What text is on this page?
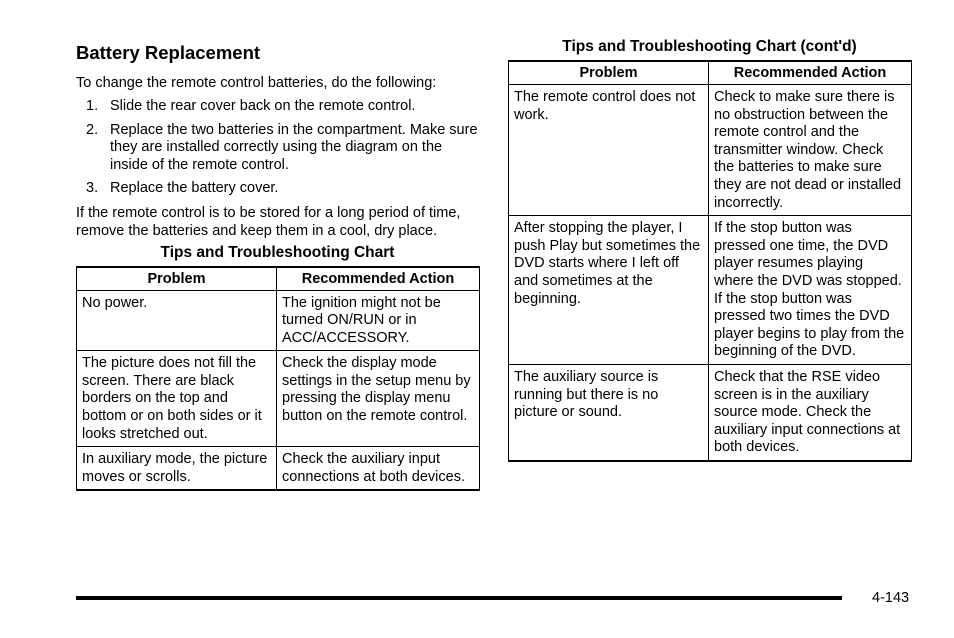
Battery Replacement

To change the remote control batteries, do the following:

1. Slide the rear cover back on the remote control.
2. Replace the two batteries in the compartment. Make sure they are installed correctly using the diagram on the inside of the remote control.
3. Replace the battery cover.

If the remote control is to be stored for a long period of time, remove the batteries and keep them in a cool, dry place.

Tips and Troubleshooting Chart
Problem	Recommended Action
No power.	The ignition might not be turned ON/RUN or in ACC/ACCESSORY.
The picture does not fill the screen. There are black borders on the top and bottom or on both sides or it looks stretched out.	Check the display mode settings in the setup menu by pressing the display menu button on the remote control.
In auxiliary mode, the picture moves or scrolls.	Check the auxiliary input connections at both devices.
Tips and Troubleshooting Chart (cont'd)
Problem	Recommended Action
The remote control does not work.	Check to make sure there is no obstruction between the remote control and the transmitter window. Check the batteries to make sure they are not dead or installed incorrectly.
After stopping the player, I push Play but sometimes the DVD starts where I left off and sometimes at the beginning.	If the stop button was pressed one time, the DVD player resumes playing where the DVD was stopped. If the stop button was pressed two times the DVD player begins to play from the beginning of the DVD.
The auxiliary source is running but there is no picture or sound.	Check that the RSE video screen is in the auxiliary source mode. Check the auxiliary input connections at both devices.
4-143
